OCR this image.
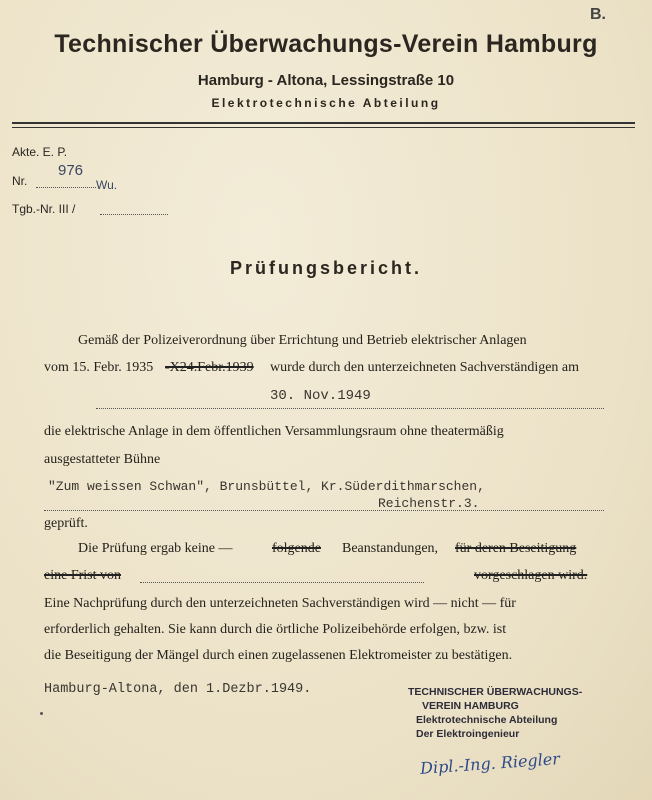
B.
Technischer Überwachungs-Verein Hamburg
Hamburg - Altona, Lessingstraße 10
Elektrotechnische Abteilung
Akte. E. P.
Nr.
976
Wu.
Tgb.-Nr. III /
Prüfungsbericht.
Gemäß der Polizeiverordnung über Errichtung und Betrieb elektrischer Anlagen
vom 15. Febr. 1935 -X24.Febr.1939 wurde durch den unterzeichneten Sachverständigen am
30. Nov.1949
die elektrische Anlage in dem öffentlichen Versammlungsraum ohne theatermäßig
ausgestatteter Bühne
"Zum weissen Schwan", Brunsbüttel, Kr.Süderdithmarschen,
Reichenstr.3.
geprüft.
Die Prüfung ergab keine —	folgende Beanstandungen, für deren Beseitigung
eine Frist von	vorgeschlagen wird.
Eine Nachprüfung durch den unterzeichneten Sachverständigen wird — nicht — für
erforderlich gehalten. Sie kann durch die örtliche Polizeibehörde erfolgen, bzw. ist
die Beseitigung der Mängel durch einen zugelassenen Elektromeister zu bestätigen.
Hamburg-Altona, den 1.Dezbr.1949.	TECHNISCHER ÜBERWACHUNGS-
VEREIN HAMBURG
Elektrotechnische Abteilung
Der Elektroingenieur
Dipl.-Ing. Riegler
